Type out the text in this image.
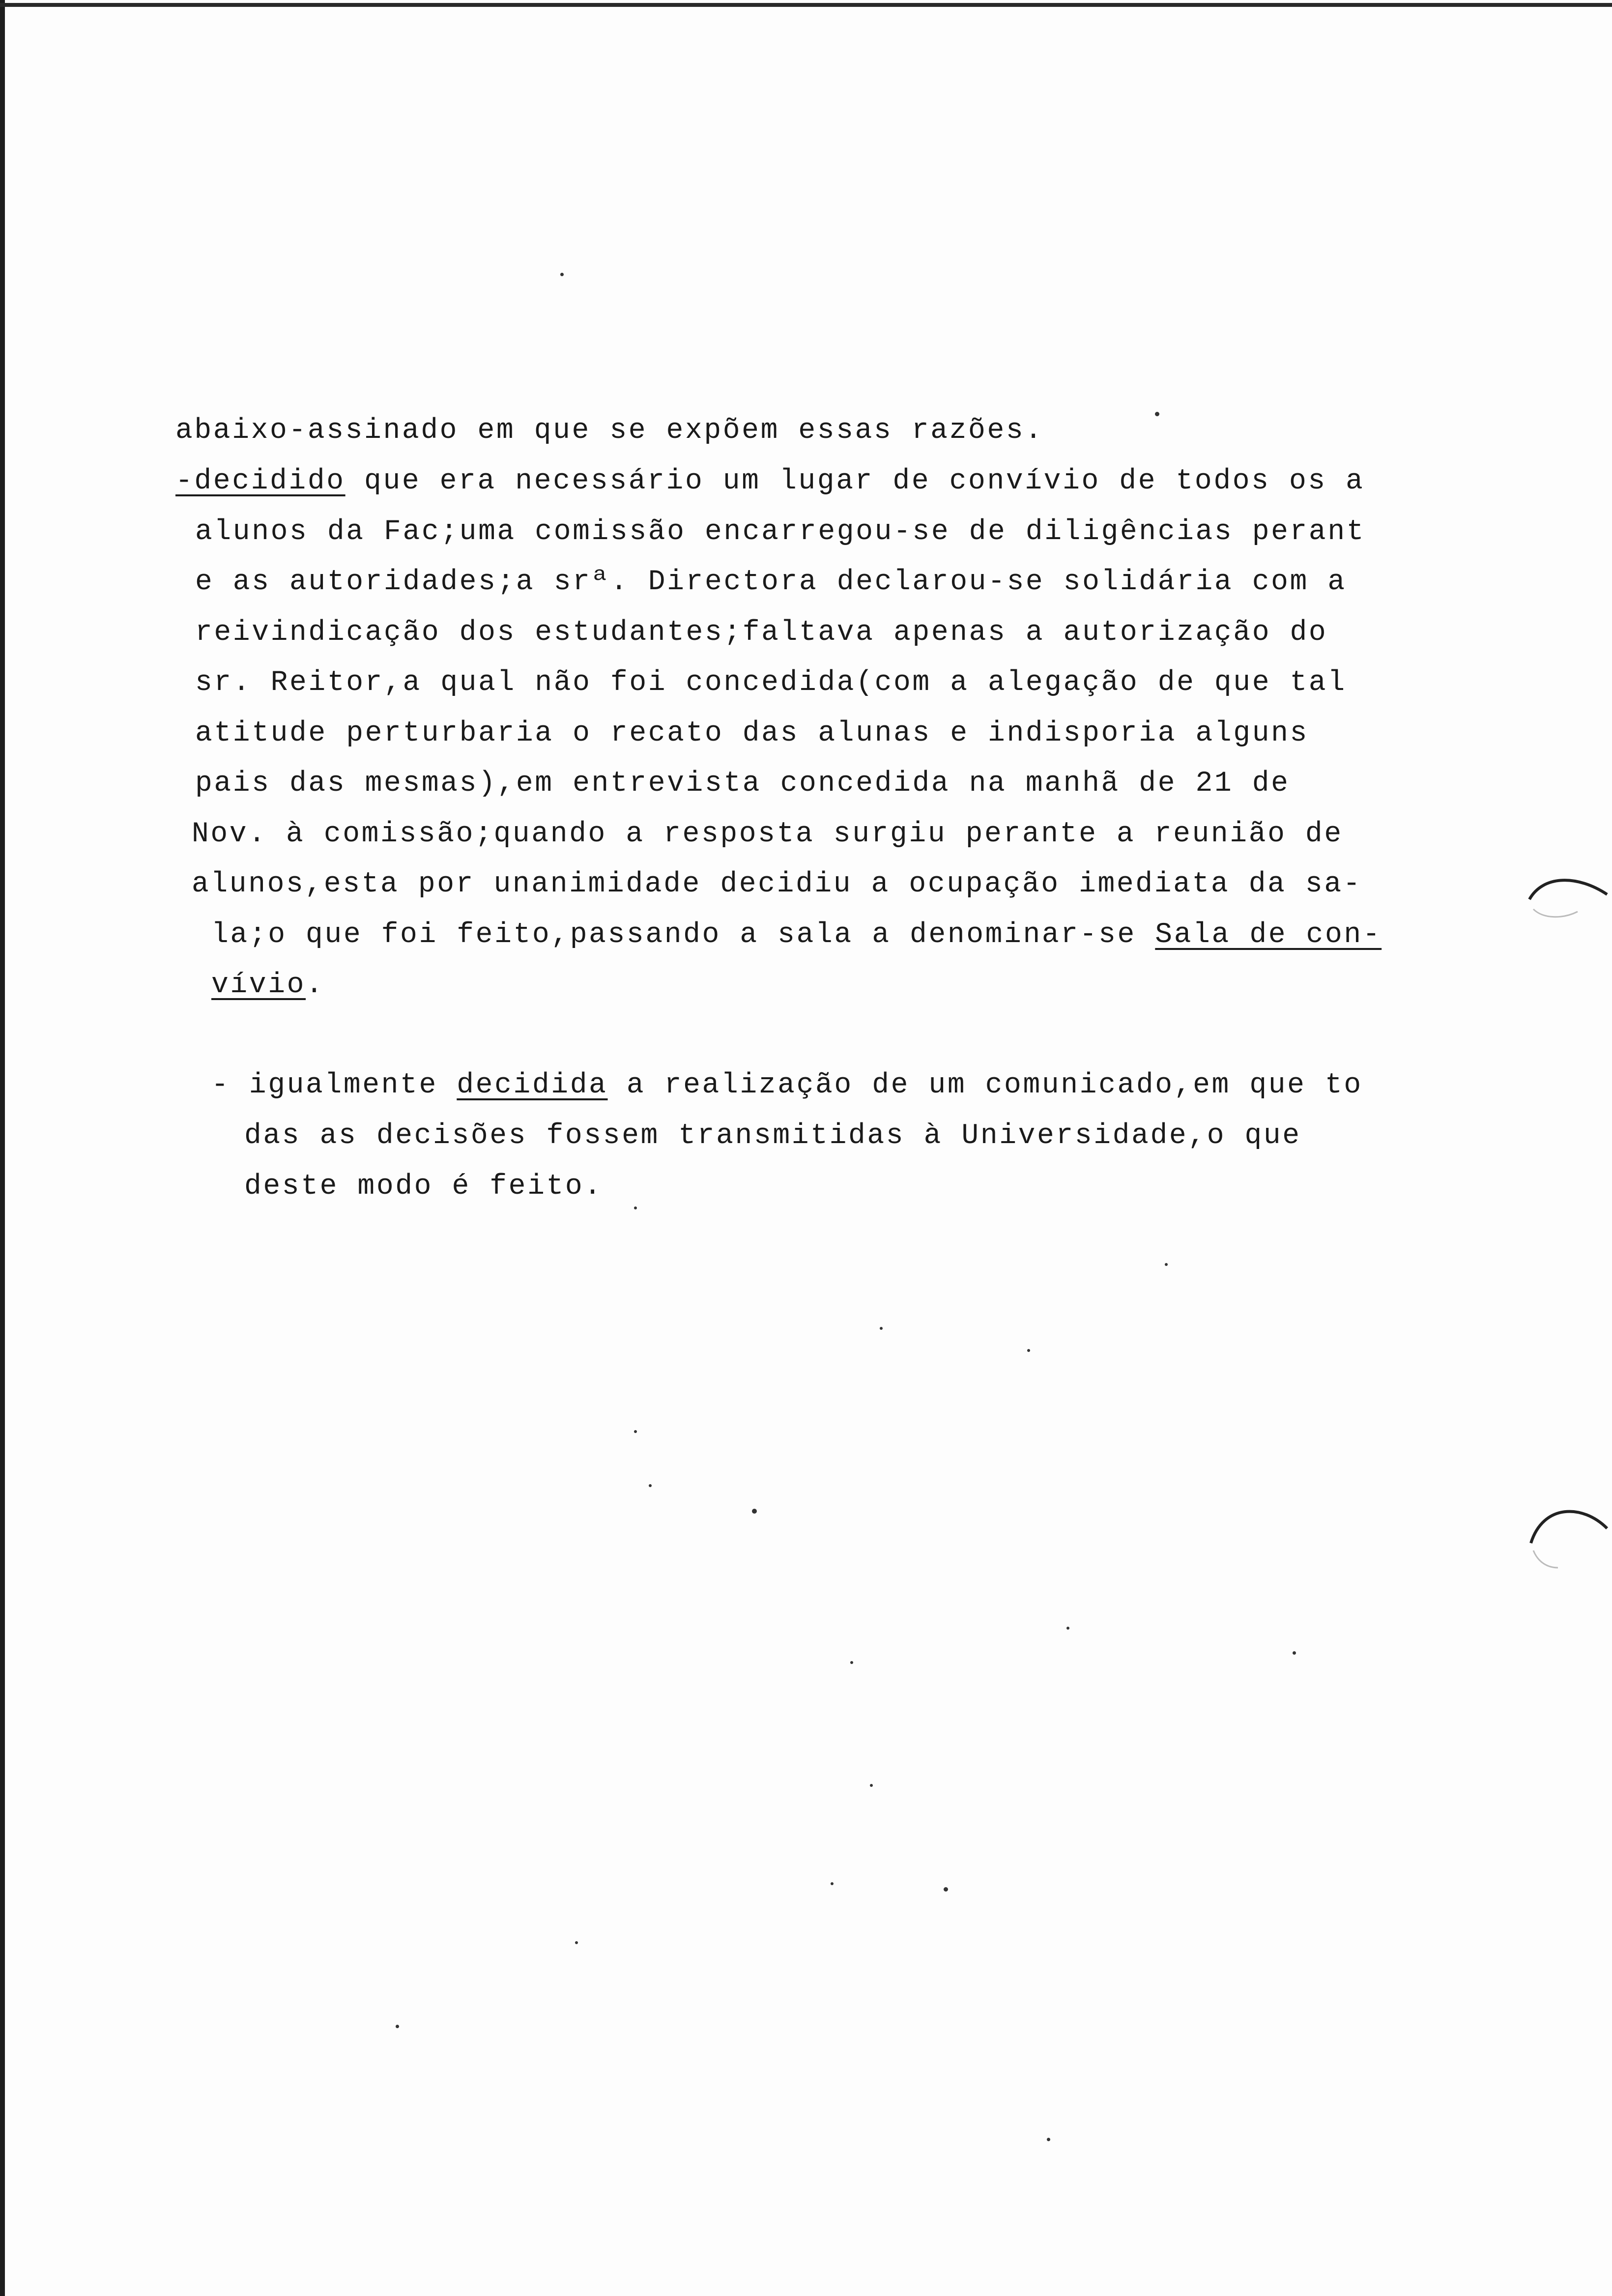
abaixo-assinado em que se expõem essas razões.

-decidido que era necessário um lugar de convívio de todos os a

alunos da Fac;uma comissão encarregou-se de diligências perant

e as autoridades;a srª. Directora declarou-se solidária com a

reivindicação dos estudantes;faltava apenas a autorização do

sr. Reitor,a qual não foi concedida(com a alegação de que tal

atitude perturbaria o recato das alunas e indisporia alguns

pais das mesmas),em entrevista concedida na manhã de 21 de

Nov. à comissão;quando a resposta surgiu perante a reunião de

alunos,esta por unanimidade decidiu a ocupação imediata da sa-

la;o que foi feito,passando a sala a denominar-se Sala de con-

vívio.

- igualmente decidida a realização de um comunicado,em que to

das as decisões fossem transmitidas à Universidade,o que

deste modo é feito.
